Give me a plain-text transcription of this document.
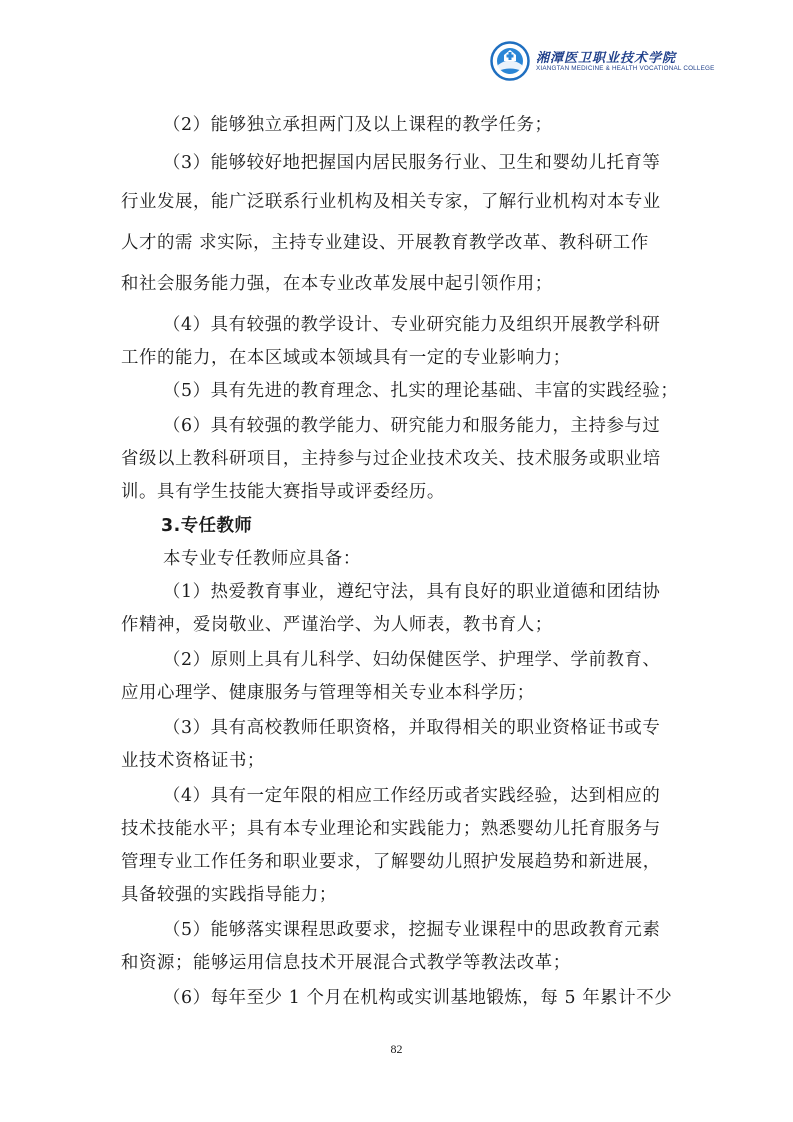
湘潭医卫职业技术学院
XIANGTAN MEDICINE & HEALTH VOCATIONAL COLLEGE
（2）能够独立承担两门及以上课程的教学任务；
（3）能够较好地把握国内居民服务行业、卫生和婴幼儿托育等
行业发展，能广泛联系行业机构及相关专家，了解行业机构对本专业
人才的需 求实际，主持专业建设、开展教育教学改革、教科研工作
和社会服务能力强，在本专业改革发展中起引领作用；
（4）具有较强的教学设计、专业研究能力及组织开展教学科研
工作的能力，在本区域或本领域具有一定的专业影响力；
（5）具有先进的教育理念、扎实的理论基础、丰富的实践经验；
（6）具有较强的教学能力、研究能力和服务能力，主持参与过
省级以上教科研项目，主持参与过企业技术攻关、技术服务或职业培
训。具有学生技能大赛指导或评委经历。
3.专任教师
本专业专任教师应具备：
（1）热爱教育事业，遵纪守法，具有良好的职业道德和团结协
作精神，爱岗敬业、严谨治学、为人师表，教书育人；
（2）原则上具有儿科学、妇幼保健医学、护理学、学前教育、
应用心理学、健康服务与管理等相关专业本科学历；
（3）具有高校教师任职资格，并取得相关的职业资格证书或专
业技术资格证书；
（4）具有一定年限的相应工作经历或者实践经验，达到相应的
技术技能水平；具有本专业理论和实践能力；熟悉婴幼儿托育服务与
管理专业工作任务和职业要求，了解婴幼儿照护发展趋势和新进展，
具备较强的实践指导能力；
（5）能够落实课程思政要求，挖掘专业课程中的思政教育元素
和资源；能够运用信息技术开展混合式教学等教法改革；
（6）每年至少 1 个月在机构或实训基地锻炼，每 5 年累计不少
82
